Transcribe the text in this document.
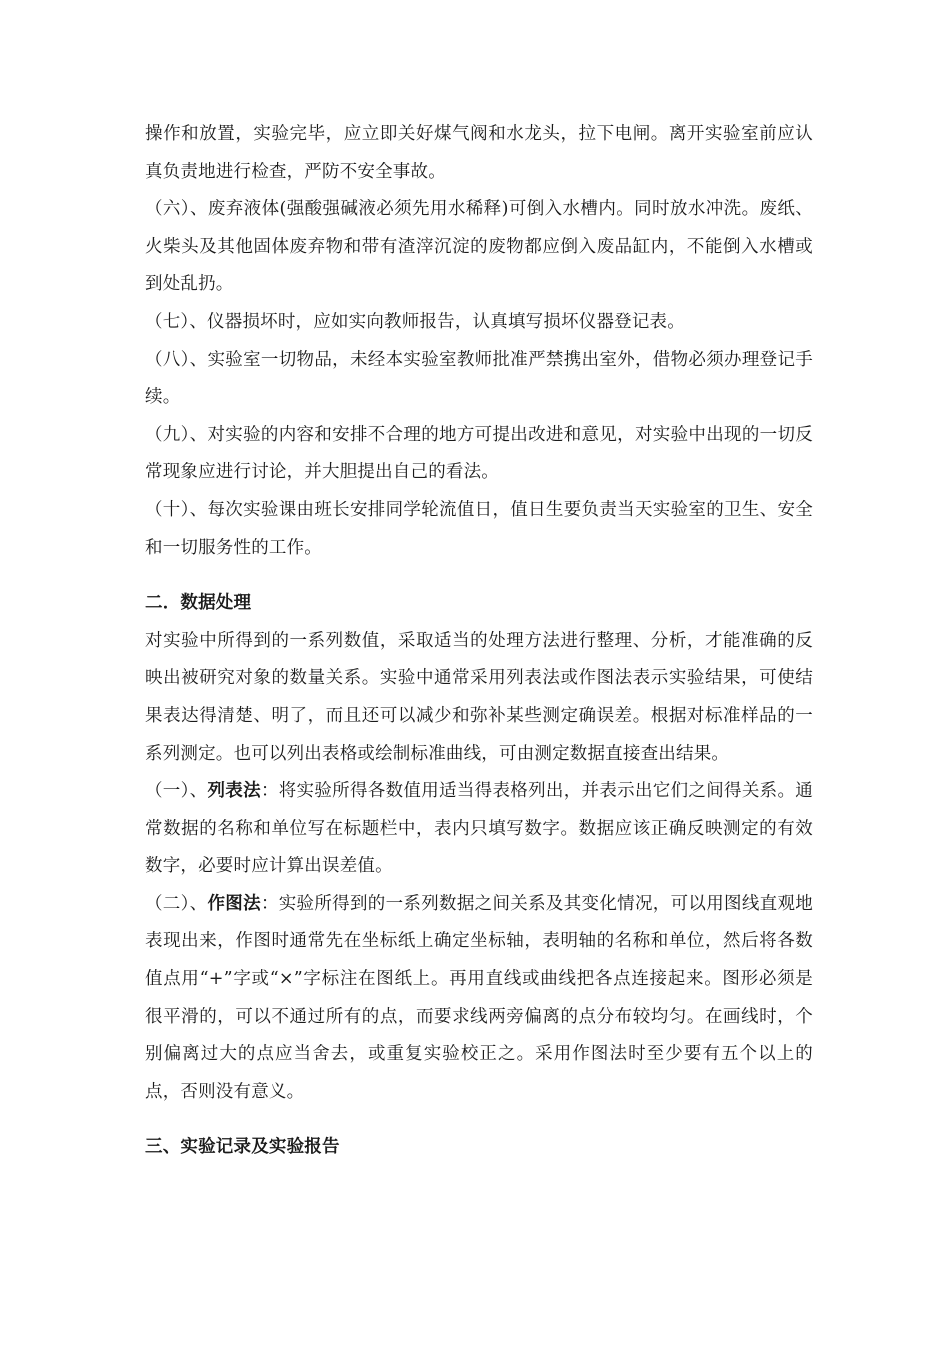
操作和放置，实验完毕，应立即关好煤气阀和水龙头，拉下电闸。离开实验室前应认真负责地进行检查，严防不安全事故。

（六）、废弃液体(强酸强碱液必须先用水稀释)可倒入水槽内。同时放水冲洗。废纸、火柴头及其他固体废弃物和带有渣滓沉淀的废物都应倒入废品缸内，不能倒入水槽或到处乱扔。

（七）、仪器损坏时，应如实向教师报告，认真填写损坏仪器登记表。

（八）、实验室一切物品，未经本实验室教师批准严禁携出室外，借物必须办理登记手续。

（九）、对实验的内容和安排不合理的地方可提出改进和意见，对实验中出现的一切反常现象应进行讨论，并大胆提出自己的看法。

（十）、每次实验课由班长安排同学轮流值日，值日生要负责当天实验室的卫生、安全和一切服务性的工作。

二．数据处理

对实验中所得到的一系列数值，采取适当的处理方法进行整理、分析，才能准确的反映出被研究对象的数量关系。实验中通常采用列表法或作图法表示实验结果，可使结果表达得清楚、明了，而且还可以减少和弥补某些测定确误差。根据对标准样品的一系列测定。也可以列出表格或绘制标准曲线，可由测定数据直接查出结果。

（一）、列表法：将实验所得各数值用适当得表格列出，并表示出它们之间得关系。通常数据的名称和单位写在标题栏中，表内只填写数字。数据应该正确反映测定的有效数字，必要时应计算出误差值。

（二）、作图法：实验所得到的一系列数据之间关系及其变化情况，可以用图线直观地表现出来，作图时通常先在坐标纸上确定坐标轴，表明轴的名称和单位，然后将各数值点用“+”字或“×”字标注在图纸上。再用直线或曲线把各点连接起来。图形必须是很平滑的，可以不通过所有的点，而要求线两旁偏离的点分布较均匀。在画线时，个别偏离过大的点应当舍去，或重复实验校正之。采用作图法时至少要有五个以上的点，否则没有意义。

三、实验记录及实验报告
